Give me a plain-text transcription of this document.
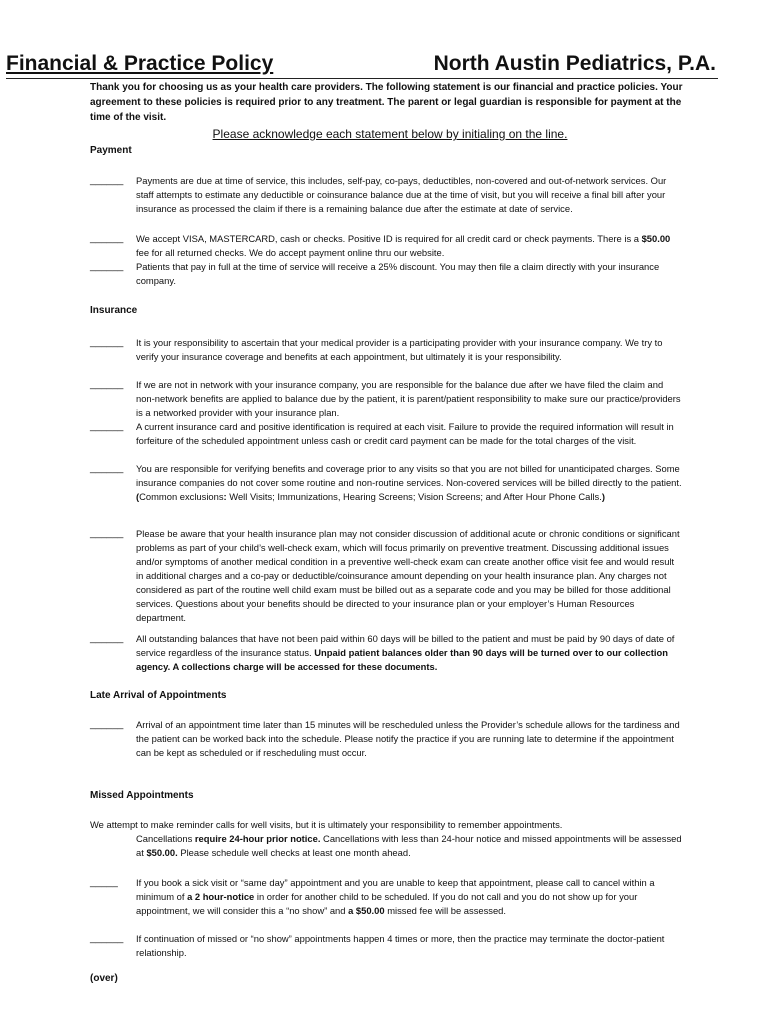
Financial & Practice Policy	North Austin Pediatrics, P.A.
Thank you for choosing us as your health care providers. The following statement is our financial and practice policies. Your agreement to these policies is required prior to any treatment. The parent or legal guardian is responsible for payment at the time of the visit.
Please acknowledge each statement below by initialing on the line.
Payment
______ Payments are due at time of service, this includes, self-pay, co-pays, deductibles, non-covered and out-of-network services. Our staff attempts to estimate any deductible or coinsurance balance due at the time of visit, but you will receive a final bill after your insurance as processed the claim if there is a remaining balance due after the estimate at date of service.
______ We accept VISA, MASTERCARD, cash or checks. Positive ID is required for all credit card or check payments. There is a $50.00 fee for all returned checks. We do accept payment online thru our website.
______ Patients that pay in full at the time of service will receive a 25% discount. You may then file a claim directly with your insurance company.
Insurance
______ It is your responsibility to ascertain that your medical provider is a participating provider with your insurance company. We try to verify your insurance coverage and benefits at each appointment, but ultimately it is your responsibility.
______ If we are not in network with your insurance company, you are responsible for the balance due after we have filed the claim and non-network benefits are applied to balance due by the patient, it is parent/patient responsibility to make sure our practice/providers is a networked provider with your insurance plan.
______ A current insurance card and positive identification is required at each visit. Failure to provide the required information will result in forfeiture of the scheduled appointment unless cash or credit card payment can be made for the total charges of the visit.
______ You are responsible for verifying benefits and coverage prior to any visits so that you are not billed for unanticipated charges. Some insurance companies do not cover some routine and non-routine services. Non-covered services will be billed directly to the patient. (Common exclusions: Well Visits; Immunizations, Hearing Screens; Vision Screens; and After Hour Phone Calls.)
______ Please be aware that your health insurance plan may not consider discussion of additional acute or chronic conditions or significant problems as part of your child’s well-check exam, which will focus primarily on preventive treatment. Discussing additional issues and/or symptoms of another medical condition in a preventive well-check exam can create another office visit fee and would result in additional charges and a co-pay or deductible/coinsurance amount depending on your health insurance plan. Any charges not considered as part of the routine well child exam must be billed out as a separate code and you may be billed for those additional services. Questions about your benefits should be directed to your insurance plan or your employer’s Human Resources department.
______ All outstanding balances that have not been paid within 60 days will be billed to the patient and must be paid by 90 days of date of service regardless of the insurance status. Unpaid patient balances older than 90 days will be turned over to our collection agency. A collections charge will be accessed for these documents.
Late Arrival of Appointments
______ Arrival of an appointment time later than 15 minutes will be rescheduled unless the Provider’s schedule allows for the tardiness and the patient can be worked back into the schedule. Please notify the practice if you are running late to determine if the appointment can be kept as scheduled or if rescheduling must occur.
Missed Appointments
We attempt to make reminder calls for well visits, but it is ultimately your responsibility to remember appointments.
Cancellations require 24-hour prior notice. Cancellations with less than 24-hour notice and missed appointments will be assessed at $50.00. Please schedule well checks at least one month ahead.
_____	If you book a sick visit or “same day” appointment and you are unable to keep that appointment, please call to cancel within a minimum of a 2 hour-notice in order for another child to be scheduled. If you do not call and you do not show up for your appointment, we will consider this a “no show” and a $50.00 missed fee will be assessed.
______ If continuation of missed or “no show” appointments happen 4 times or more, then the practice may terminate the doctor-patient relationship.
(over)
